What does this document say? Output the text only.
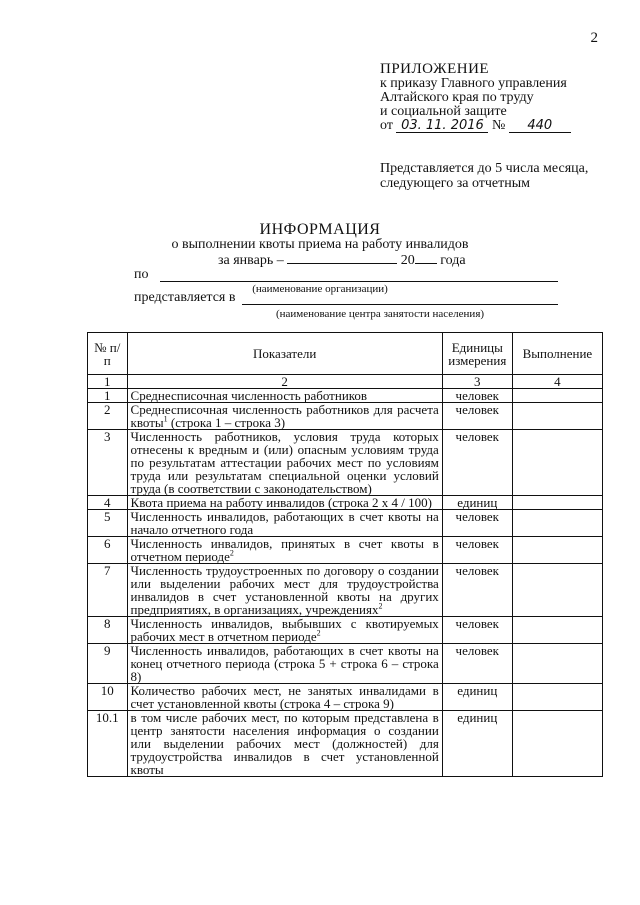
2
ПРИЛОЖЕНИЕ
к приказу Главного управления
Алтайского края по труду
и социальной защите
от 03. 11. 2016 № 440
Представляется до 5 числа месяца,
следующего за отчетным
ИНФОРМАЦИЯ
о выполнении квоты приема на работу инвалидов
за январь –	20 года
по
(наименование организации)
представляется в
(наименование центра занятости населения)
№ п/п	Показатели	Единицы измерения	Выполнение
1	2	3	4
1	Среднесписочная численность работников	человек	
2	Среднесписочная численность работников для расчета квоты$^1$ (строка 1 – строка 3)	человек	
3	Численность работников, условия труда которых отнесены к вредным и (или) опасным условиям труда по результатам аттестации рабочих мест по условиям труда или результатам специальной оценки условий труда (в соответствии с законодательством)	человек	
4	Квота приема на работу инвалидов (строка 2 х 4 / 100)	единиц	
5	Численность инвалидов, работающих в счет квоты на начало отчетного года	человек	
6	Численность инвалидов, принятых в счет квоты в отчетном периоде$^2$	человек	
7	Численность трудоустроенных по договору о создании или выделении рабочих мест для трудоустройства инвалидов в счет установленной квоты на других предприятиях, в организациях, учреждениях$^2$	человек	
8	Численность инвалидов, выбывших с квотируемых рабочих мест в отчетном периоде$^2$	человек	
9	Численность инвалидов, работающих в счет квоты на конец отчетного периода (строка 5 + строка 6 – строка 8)	человек	
10	Количество рабочих мест, не занятых инвалидами в счет установленной квоты (строка 4 – строка 9)	единиц	
10.1	в том числе рабочих мест, по которым представлена в центр занятости населения информация о создании или выделении рабочих мест (должностей) для трудоустройства инвалидов в счет установленной квоты	единиц	
